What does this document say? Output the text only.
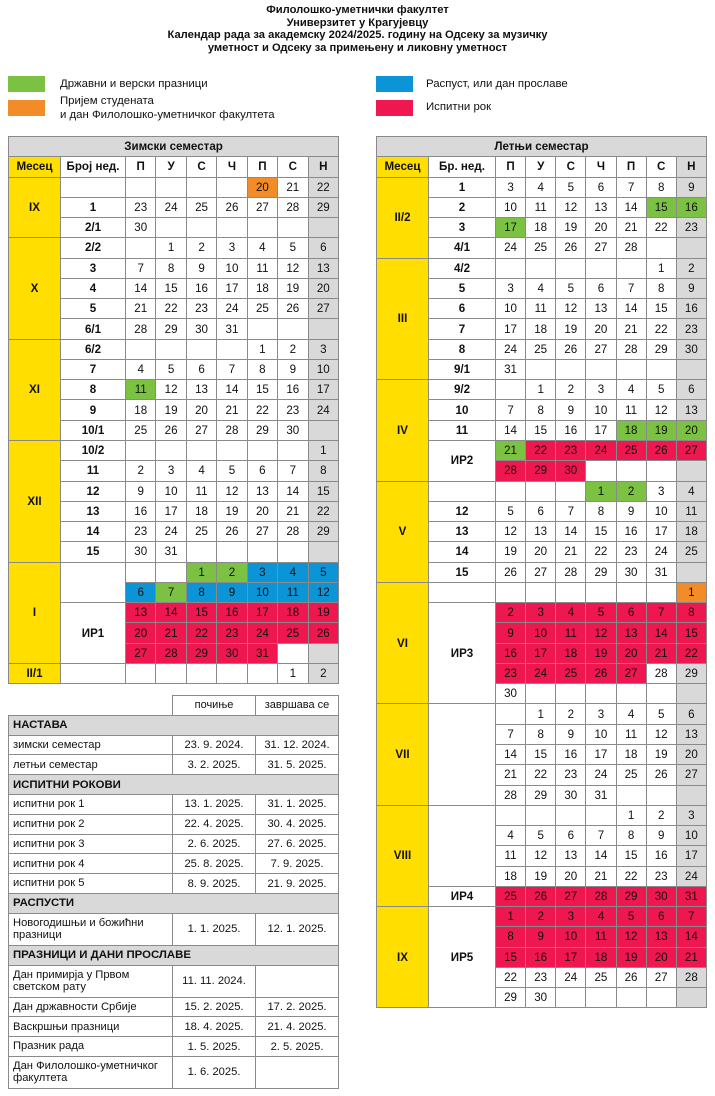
Филолошко-уметнички факултет
Универзитет у Крагујевцу
Календар рада за академску 2024/2025. годину на Одсеку за музичку
уметност и Одсеку за примењену и ликовну уметност
Државни и верски празници
Пријем студената
и дан Филолошко-уметничког факултета
Распуст, или дан прославе
Испитни рок
Зимски семестар								
Месец	Број нед.	П	У	С	Ч	П	С	Н
IX						20	21	22
	1	23	24	25	26	27	28	29
	2/1	30						
X	2/2		1	2	3	4	5	6
	3	7	8	9	10	11	12	13
	4	14	15	16	17	18	19	20
	5	21	22	23	24	25	26	27
	6/1	28	29	30	31			
XI	6/2					1	2	3
	7	4	5	6	7	8	9	10
	8	11	12	13	14	15	16	17
	9	18	19	20	21	22	23	24
	10/1	25	26	27	28	29	30	
XII	10/2							1
	11	2	3	4	5	6	7	8
	12	9	10	11	12	13	14	15
	13	16	17	18	19	20	21	22
	14	23	24	25	26	27	28	29
	15	30	31					
I				1	2	3	4	5
		6	7	8	9	10	11	12
	ИР1	13	14	15	16	17	18	19
		20	21	22	23	24	25	26
		27	28	29	30	31		
II/1							1	2
Летњи семестар								
Месец	Бр. нед.	П	У	С	Ч	П	С	Н
II/2	1	3	4	5	6	7	8	9
	2	10	11	12	13	14	15	16
	3	17	18	19	20	21	22	23
	4/1	24	25	26	27	28		
III	4/2						1	2
	5	3	4	5	6	7	8	9
	6	10	11	12	13	14	15	16
	7	17	18	19	20	21	22	23
	8	24	25	26	27	28	29	30
	9/1	31						
IV	9/2		1	2	3	4	5	6
	10	7	8	9	10	11	12	13
	11	14	15	16	17	18	19	20
	ИР2	21	22	23	24	25	26	27
		28	29	30				
V					1	2	3	4
	12	5	6	7	8	9	10	11
	13	12	13	14	15	16	17	18
	14	19	20	21	22	23	24	25
	15	26	27	28	29	30	31	
VI								1
	ИР3	2	3	4	5	6	7	8
		9	10	11	12	13	14	15
		16	17	18	19	20	21	22
		23	24	25	26	27	28	29
		30						
VII			1	2	3	4	5	6
		7	8	9	10	11	12	13
		14	15	16	17	18	19	20
		21	22	23	24	25	26	27
		28	29	30	31			
VIII						1	2	3
		4	5	6	7	8	9	10
		11	12	13	14	15	16	17
		18	19	20	21	22	23	24
	ИР4	25	26	27	28	29	30	31
IX	ИР5	1	2	3	4	5	6	7
		8	9	10	11	12	13	14
		15	16	17	18	19	20	21
		22	23	24	25	26	27	28
		29	30					
	почиње	завршава се
НАСТАВА		
зимски семестар	23. 9. 2024.	31. 12. 2024.
летњи семестар	3. 2. 2025.	31. 5. 2025.
ИСПИТНИ РОКОВИ		
испитни рок 1	13. 1. 2025.	31. 1. 2025.
испитни рок 2	22. 4. 2025.	30. 4. 2025.
испитни рок 3	2. 6. 2025.	27. 6. 2025.
испитни рок 4	25. 8. 2025.	7. 9. 2025.
испитни рок 5	8. 9. 2025.	21. 9. 2025.
РАСПУСТИ		
Новогодишњи и божићни празници	1. 1. 2025.	12. 1. 2025.
ПРАЗНИЦИ И ДАНИ ПРОСЛАВЕ		
Дан примирја у Првом светском рату	11. 11. 2024.	
Дан државности Србије	15. 2. 2025.	17. 2. 2025.
Васкршњи празници	18. 4. 2025.	21. 4. 2025.
Празник рада	1. 5. 2025.	2. 5. 2025.
Дан Филолошко-уметничког факултета	1. 6. 2025.	
